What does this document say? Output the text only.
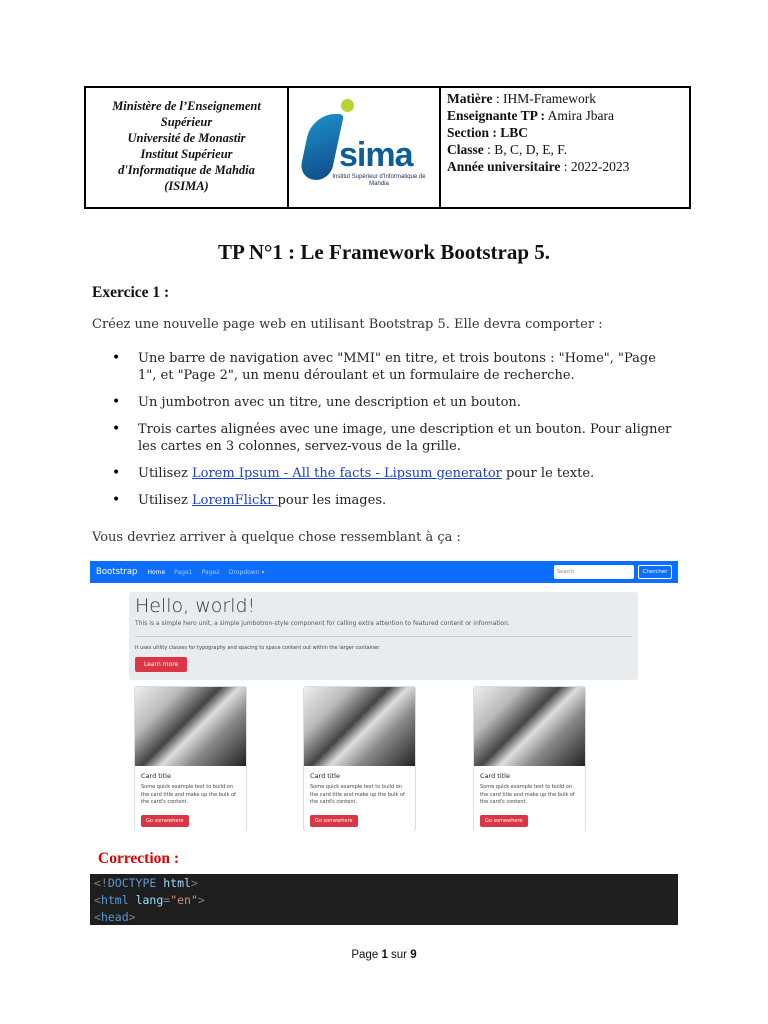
Ministère de l’Enseignement Supérieur
Université de Monastir
Institut Supérieur
d'Informatique de Mahdia
(ISIMA)
sima
Institut Supérieur d'Informatique de Mahdia
Matière : IHM-Framework
Enseignante TP : Amira Jbara
Section : LBC
Classe : B, C, D, E, F.
Année universitaire : 2022-2023
TP N°1 : Le Framework Bootstrap 5.
Exercice 1 :
Créez une nouvelle page web en utilisant Bootstrap 5. Elle devra comporter :
• Une barre de navigation avec "MMI" en titre, et trois boutons : "Home", "Page 1", et "Page 2", un menu déroulant et un formulaire de recherche.
• Un jumbotron avec un titre, une description et un bouton.
• Trois cartes alignées avec une image, une description et un bouton. Pour aligner les cartes en 3 colonnes, servez-vous de la grille.
• Utilisez Lorem Ipsum - All the facts - Lipsum generator pour le texte.
• Utilisez LoremFlickr pour les images.
Vous devriez arriver à quelque chose ressemblant à ça :
Bootstrap Home Page1 Page2 Dropdown ▾	Search	Chercher
Hello, world!
This is a simple hero unit, a simple jumbotron-style component for calling extra attention to featured content or information.
It uses utility classes for typography and spacing to space content out within the larger container.
Learn more
Card title
Some quick example text to build on the card title and make up the bulk of the card's content.
Go somewhere
Card title
Some quick example text to build on the card title and make up the bulk of the card's content.
Go somewhere
Card title
Some quick example text to build on the card title and make up the bulk of the card's content.
Go somewhere
Correction :
<!DOCTYPE html>
<html lang="en">
<head>
Page 1 sur 9
